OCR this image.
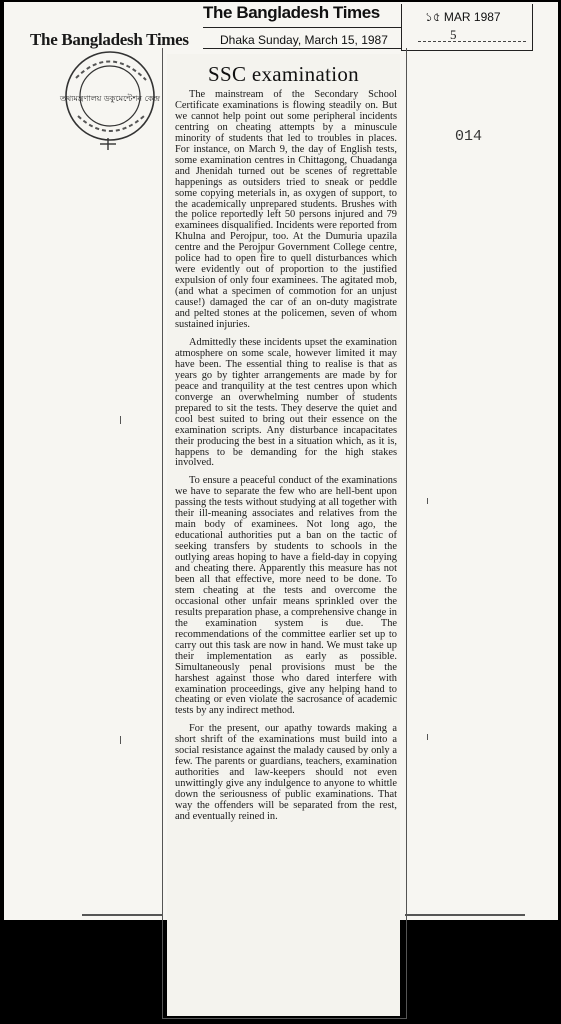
The Bangladesh Times
The Bangladesh Times
Dhaka Sunday, March 15, 1987
১৫ MAR 1987
5
তথ্যমন্ত্রণালয় ডকুমেন্টেশন কেন্দ্র
014
SSC examination

The mainstream of the Secondary School Certificate examinations is flowing steadily on. But we cannot help point out some peripheral incidents centring on cheating attempts by a minuscule minority of students that led to troubles in places. For instance, on March 9, the day of English tests, some examination centres in Chittagong, Chuadanga and Jhenidah turned out be scenes of regrettable happenings as outsiders tried to sneak or peddle some copying meterials in, as oxygen of support, to the academically unprepared students. Brushes with the police reportedly left 50 persons injured and 79 examinees disqualified. Incidents were reported from Khulna and Perojpur, too. At the Dumuria upazila centre and the Perojpur Government College centre, police had to open fire to quell disturbances which were evidently out of proportion to the justified expulsion of only four examinees. The agitated mob, (and what a specimen of commotion for an unjust cause!) damaged the car of an on-duty magistrate and pelted stones at the policemen, seven of whom sustained injuries.

Admittedly these incidents upset the examination atmosphere on some scale, however limited it may have been. The essential thing to realise is that as years go by tighter arrangements are made by for peace and tranquility at the test centres upon which converge an overwhelming number of students prepared to sit the tests. They deserve the quiet and cool best suited to bring out their essence on the examination scripts. Any disturbance incapacitates their producing the best in a situation which, as it is, happens to be demanding for the high stakes involved.

To ensure a peaceful conduct of the examinations we have to separate the few who are hell-bent upon passing the tests without studying at all together with their ill-meaning associates and relatives from the main body of examinees. Not long ago, the educational authorities put a ban on the tactic of seeking transfers by students to schools in the outlying areas hoping to have a field-day in copying and cheating there. Apparently this measure has not been all that effective, more need to be done. To stem cheating at the tests and overcome the occasional other unfair means sprinkled over the results preparation phase, a comprehensive change in the examination system is due. The recommendations of the committee earlier set up to carry out this task are now in hand. We must take up their implementation as early as possible. Simultaneously penal provisions must be the harshest against those who dared interfere with examination proceedings, give any helping hand to cheating or even violate the sacrosance of academic tests by any indirect method.

For the present, our apathy towards making a short shrift of the examinations must build into a social resistance against the malady caused by only a few. The parents or guardians, teachers, examination authorities and law-keepers should not even unwittingly give any indulgence to anyone to whittle down the seriousness of public examinations. That way the offenders will be separated from the rest, and eventually reined in.
